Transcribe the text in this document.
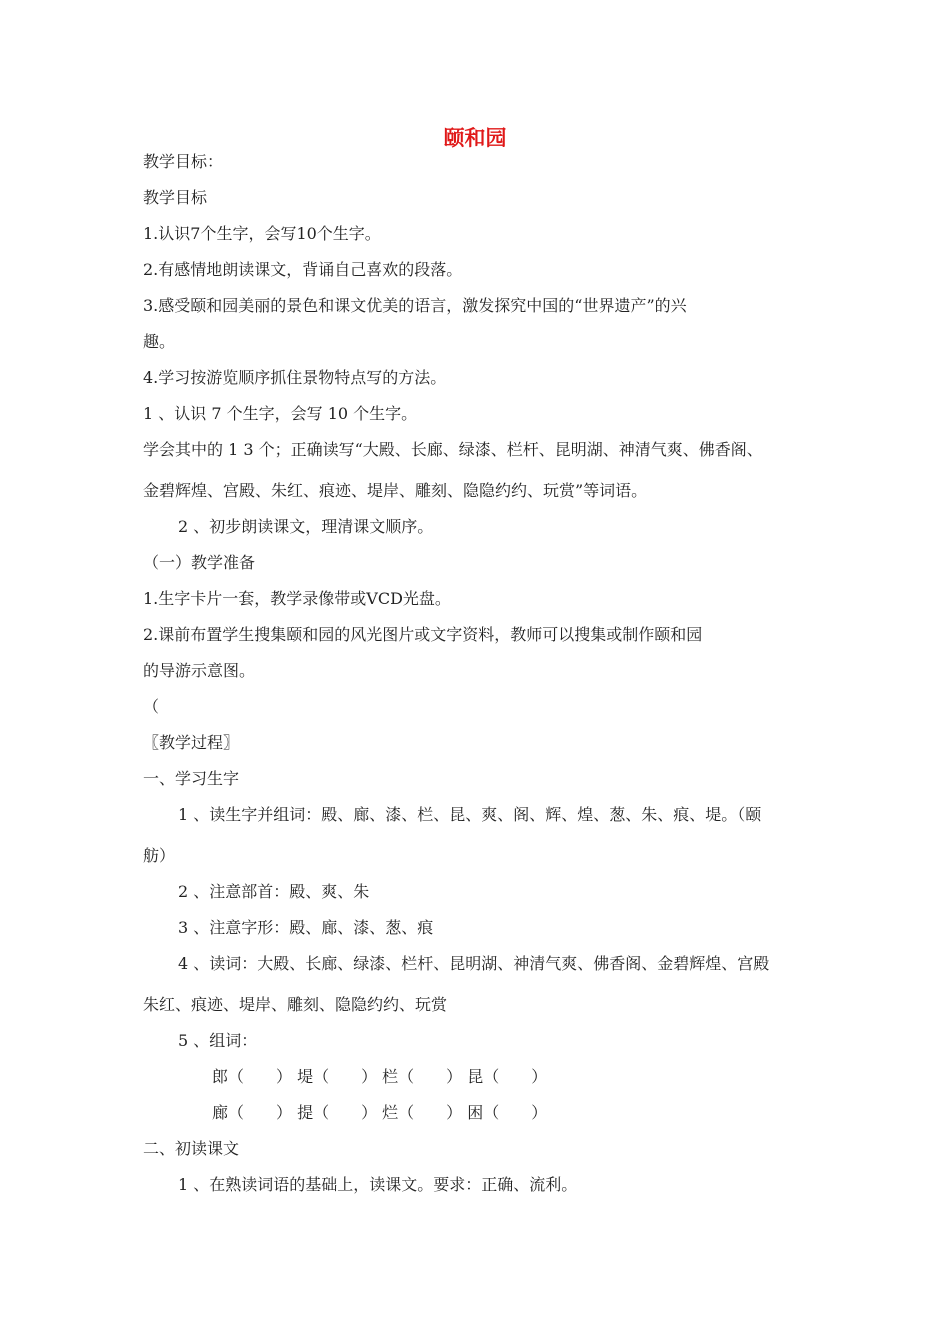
颐和园
教学目标：
教学目标
1.认识7个生字，会写10个生字。
2.有感情地朗读课文，背诵自己喜欢的段落。
3.感受颐和园美丽的景色和课文优美的语言，激发探究中国的“世界遗产”的兴
趣。
4.学习按游览顺序抓住景物特点写的方法。
1 、认识 7 个生字，会写 10 个生字。
学会其中的 1 3 个；正确读写“大殿、长廊、绿漆、栏杆、昆明湖、神清气爽、佛香阁、
金碧辉煌、宫殿、朱红、痕迹、堤岸、雕刻、隐隐约约、玩赏”等词语。
2 、初步朗读课文，理清课文顺序。
（一）教学准备
1.生字卡片一套，教学录像带或VCD光盘。
2.课前布置学生搜集颐和园的风光图片或文字资料，教师可以搜集或制作颐和园
的导游示意图。
（
〖教学过程〗
一、学习生字
1 、读生字并组词：殿、廊、漆、栏、昆、爽、阁、辉、煌、葱、朱、痕、堤。（颐
舫）
2 、注意部首：殿、爽、朱
3 、注意字形：殿、廊、漆、葱、痕
4 、读词：大殿、长廊、绿漆、栏杆、昆明湖、神清气爽、佛香阁、金碧辉煌、宫殿
朱红、痕迹、堤岸、雕刻、隐隐约约、玩赏
5 、组词：
郎（　　） 堤（　　） 栏（　　） 昆（　　）
廊（　　） 提（　　） 烂（　　） 困（　　）
二、初读课文
1 、在熟读词语的基础上，读课文。要求：正确、流利。
